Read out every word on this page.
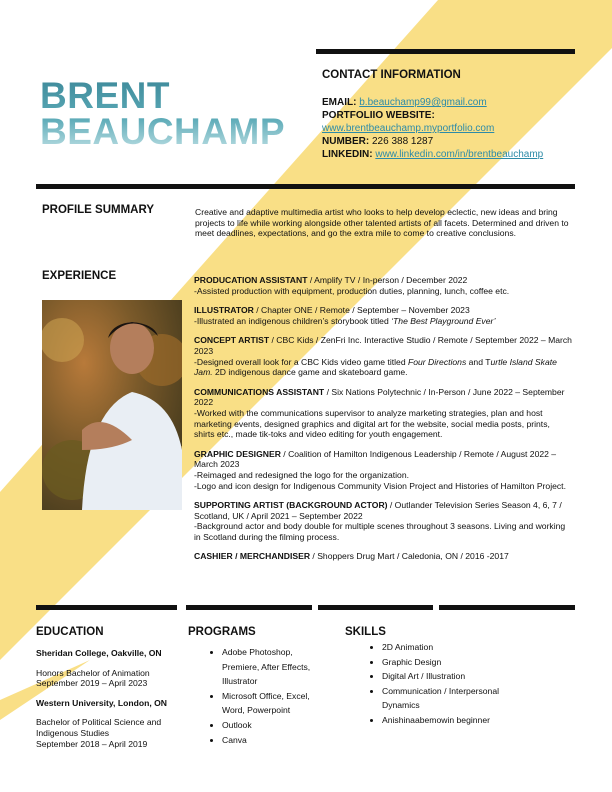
BRENT
BEAUCHAMP
CONTACT INFORMATION
EMAIL: b.beauchamp99@gmail.com
PORTFOLIIO WEBSITE:
www.brentbeauchamp.myportfolio.com
NUMBER: 226 388 1287
LINKEDIN: www.linkedin.com/in/brentbeauchamp
PROFILE SUMMARY	Creative and adaptive multimedia artist who looks to help develop eclectic, new ideas and bring projects to life while working alongside other talented artists of all facets. Determined and driven to meet deadlines, expectations, and go the extra mile to come to creative conclusions.
EXPERIENCE	PRODUCATION ASSISTANT / Amplify TV / In-person / December 2022
-Assisted production with equipment, production duties, planning, lunch, coffee etc.

ILLUSTRATOR / Chapter ONE / Remote / September – November 2023
-Illustrated an indigenous children’s storybook titled ‘The Best Playground Ever’

CONCEPT ARTIST / CBC Kids / ZenFri Inc. Interactive Studio / Remote / September 2022 – March 2023
-Designed overall look for a CBC Kids video game titled Four Directions and Turtle Island Skate Jam. 2D indigenous dance game and skateboard game.

COMMUNICATIONS ASSISTANT / Six Nations Polytechnic / In-Person / June 2022 – September 2022
-Worked with the communications supervisor to analyze marketing strategies, plan and host marketing events, designed graphics and digital art for the website, social media posts, prints, shirts etc., made tik-toks and video editing for youth engagement.

GRAPHIC DESIGNER / Coalition of Hamilton Indigenous Leadership / Remote / August 2022 – March 2023
-Reimaged and redesigned the logo for the organization.
-Logo and icon design for Indigenous Community Vision Project and Histories of Hamilton Project.

SUPPORTING ARTIST (BACKGROUND ACTOR) / Outlander Television Series Season 4, 6, 7 / Scotland, UK / April 2021 – September 2022
-Background actor and body double for multiple scenes throughout 3 seasons. Living and working in Scotland during the filming process.

CASHIER / MERCHANDISER / Shoppers Drug Mart / Caledonia, ON / 2016 -2017

EDUCATION

Sheridan College, Oakville, ON

Honors Bachelor of Animation
September 2019 – April 2023

Western University, London, ON

Bachelor of Political Science and Indigenous Studies
September 2018 – April 2019

PROGRAMS
• Adobe Photoshop, Premiere, After Effects, Illustrator
• Microsoft Office, Excel, Word, Powerpoint
• Outlook
• Canva
SKILLS
• 2D Animation
• Graphic Design
• Digital Art / Illustration
• Communication / Interpersonal Dynamics
• Anishinaabemowin beginner
